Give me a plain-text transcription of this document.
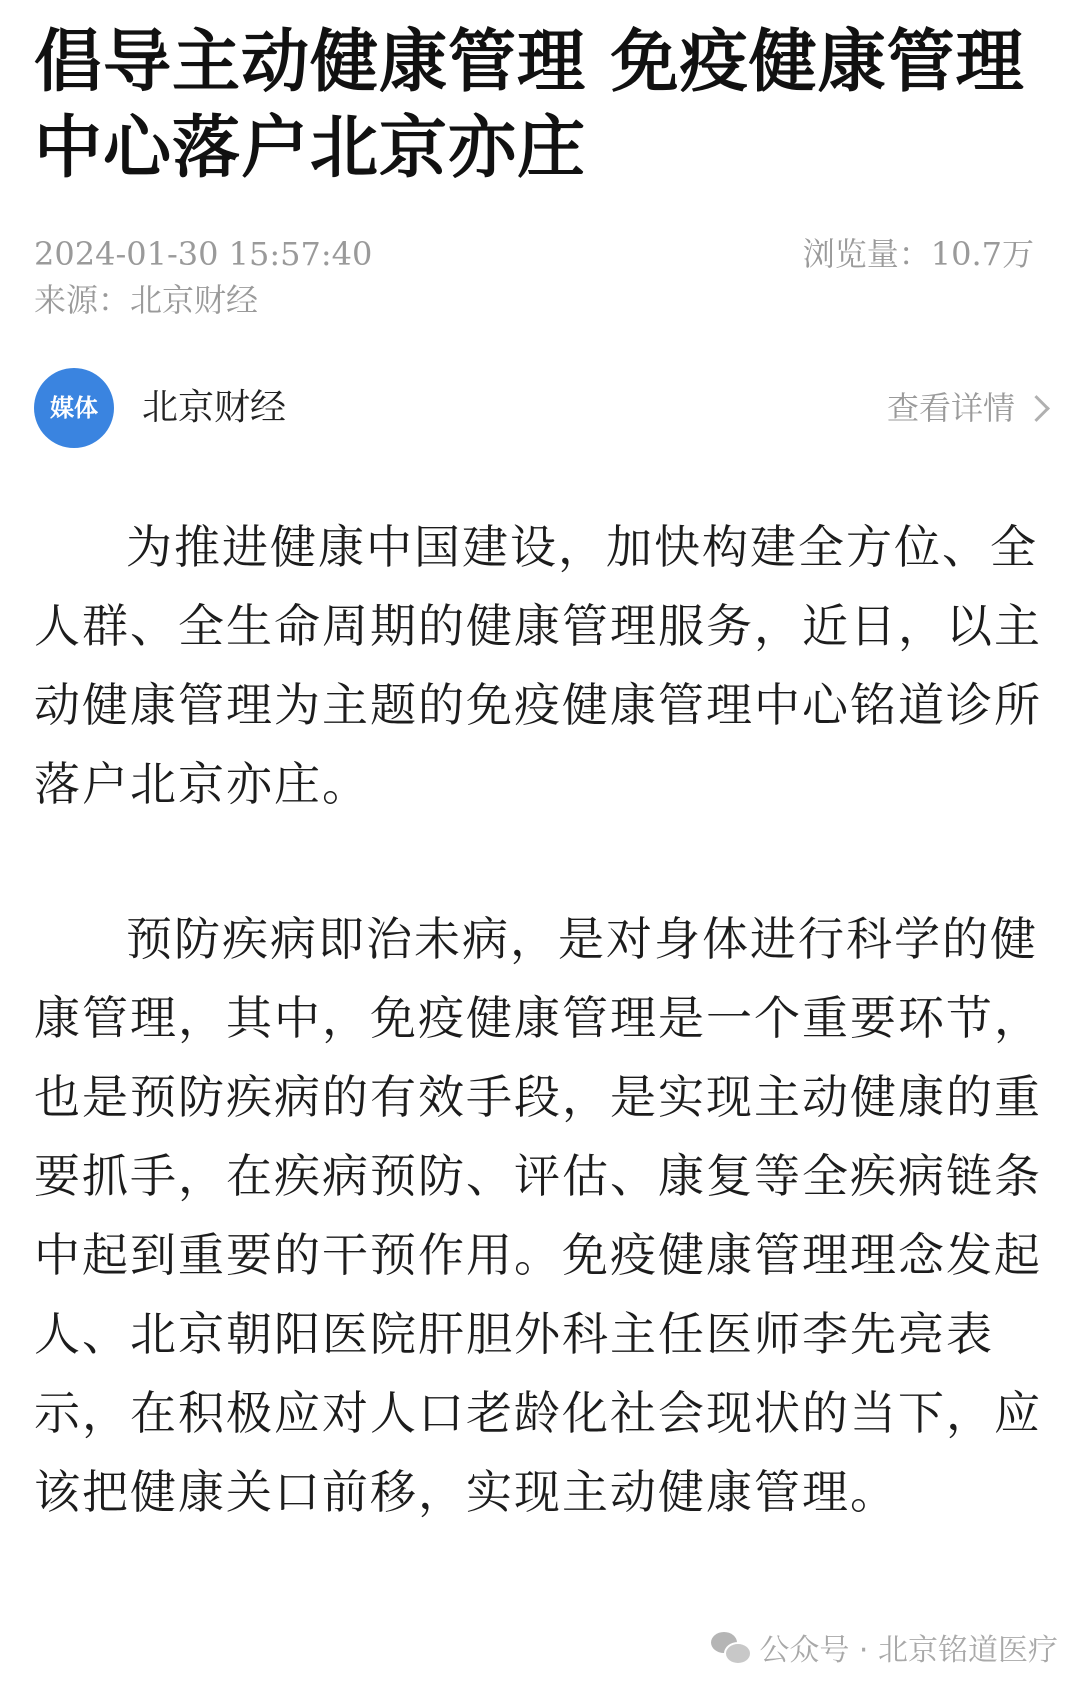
倡导主动健康管理 免疫健康管理中心落户北京亦庄
2024-01-30 15:57:40	浏览量：10.7万
来源：北京财经
媒体	北京财经	查看详情

为推进健康中国建设，加快构建全方位、全人群、全生命周期的健康管理服务，近日，以主动健康管理为主题的免疫健康管理中心铭道诊所落户北京亦庄。

预防疾病即治未病，是对身体进行科学的健康管理，其中，免疫健康管理是一个重要环节，也是预防疾病的有效手段，是实现主动健康的重要抓手，在疾病预防、评估、康复等全疾病链条中起到重要的干预作用。免疫健康管理理念发起人、北京朝阳医院肝胆外科主任医师李先亮表示，在积极应对人口老龄化社会现状的当下，应该把健康关口前移，实现主动健康管理。

公众号 · 北京铭道医疗
